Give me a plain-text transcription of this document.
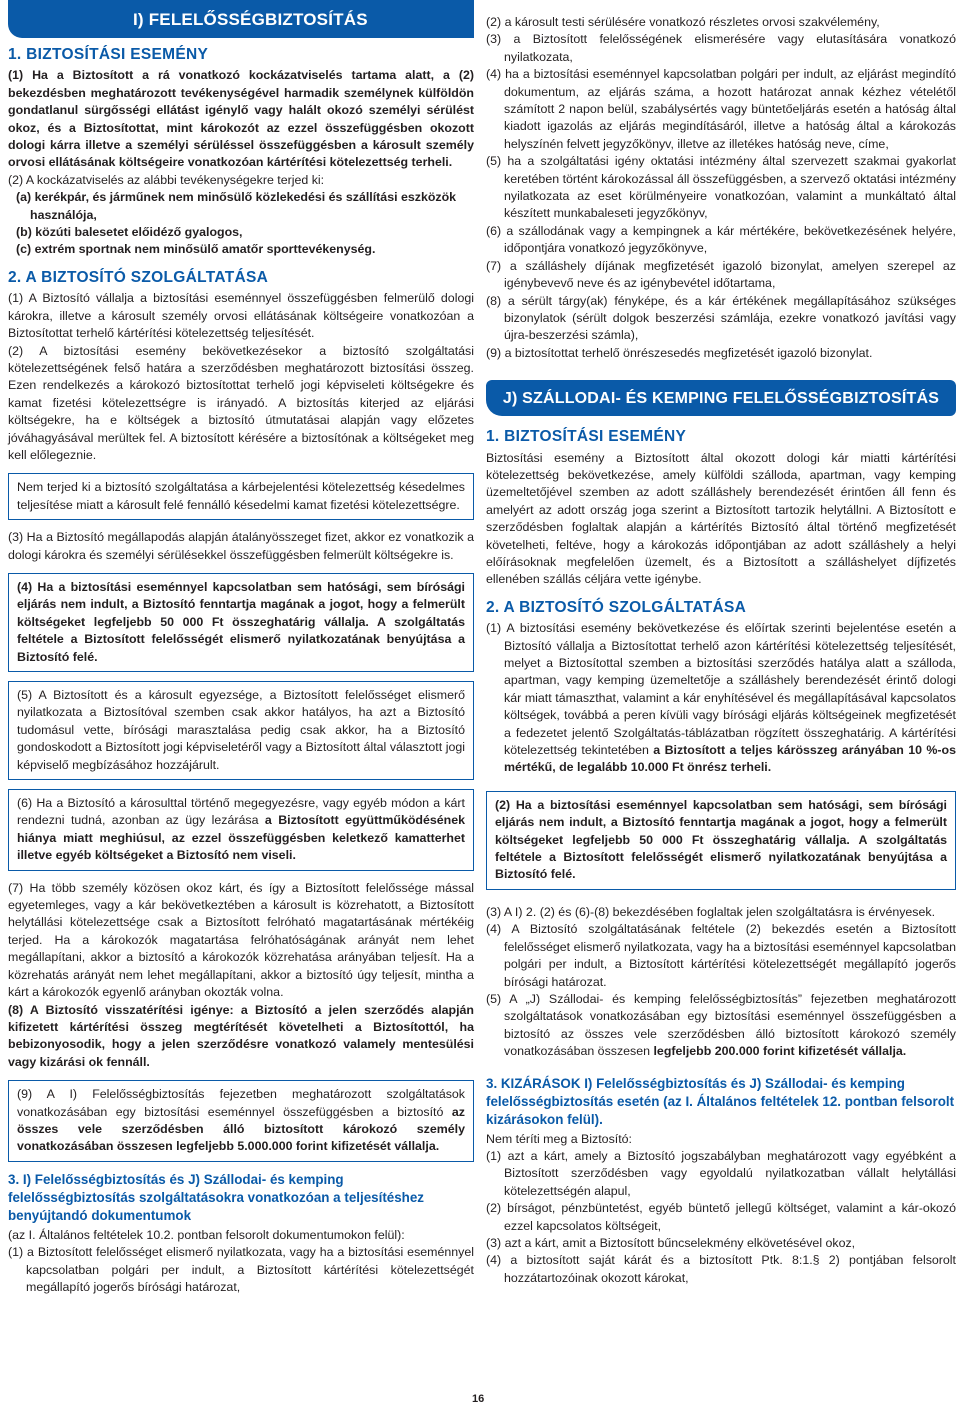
I) FELELŐSSÉGBIZTOSÍTÁS
1. BIZTOSÍTÁSI ESEMÉNY

(1) Ha a Biztosított a rá vonatkozó kockázatviselés tartama alatt, a (2) bekezdésben meghatározott tevékenységével harmadik személynek külföldön gondatlanul sürgősségi ellátást igénylő vagy halált okozó személyi sérülést okoz, és a Biztosítottat, mint károkozót az ezzel összefüggésben okozott dologi kárra illetve a személyi sérüléssel összefüggésben a károsult személy orvosi ellátásának költségeire vonatkozóan kártérítési kötelezettség terheli.

(2) A kockázatviselés az alábbi tevékenységekre terjed ki:

(a) kerékpár, és járműnek nem minősülő közlekedési és szállítási eszközök használója,
(b) közúti balesetet előidéző gyalogos,
(c) extrém sportnak nem minősülő amatőr sporttevékenység.
2. A BIZTOSÍTÓ SZOLGÁLTATÁSA

(1) A Biztosító vállalja a biztosítási eseménnyel összefüggésben felmerülő dologi károkra, illetve a károsult személy orvosi ellátásának költségeire vonatkozóan a Biztosítottat terhelő kártérítési kötelezettség teljesítését.

(2) A biztosítási esemény bekövetkezésekor a biztosító szolgáltatási kötelezettségének felső határa a szerződésben meghatározott biztosítási összeg. Ezen rendelkezés a károkozó biztosítottat terhelő jogi képviseleti költségekre és kamat fizetési kötelezettségre is irányadó. A biztosítás kiterjed az eljárási költségekre, ha e költségek a biztosító útmutatásai alapján vagy előzetes jóváhagyásával merültek fel. A biztosított kérésére a biztosítónak a költségeket meg kell előlegeznie.

Nem terjed ki a biztosító szolgáltatása a kárbejelentési kötelezettség késedelmes teljesítése miatt a károsult felé fennálló késedelmi kamat fizetési kötelezettségre.

(3) Ha a Biztosító megállapodás alapján átalányösszeget fizet, akkor ez vonatkozik a dologi károkra és személyi sérülésekkel összefüggésben felmerült költségekre is.

(4) Ha a biztosítási eseménnyel kapcsolatban sem hatósági, sem bírósági eljárás nem indult, a Biztosító fenntartja magának a jogot, hogy a felmerült költségeket legfeljebb 50 000 Ft összeghatárig vállalja. A szolgáltatás feltétele a Biztosított felelősségét elismerő nyilatkozatának benyújtása a Biztosító felé.
(5) A Biztosított és a károsult egyezsége, a Biztosított felelősséget elismerő nyilatkozata a Biztosítóval szemben csak akkor hatályos, ha azt a Biztosító tudomásul vette, bírósági marasztalása pedig csak akkor, ha a Biztosító gondoskodott a Biztosított jogi képviseletéről vagy a Biztosított által választott jogi képviselő megbízásához hozzájárult.
(6) Ha a Biztosító a károsulttal történő megegyezésre, vagy egyéb módon a kárt rendezni tudná, azonban az ügy lezárása a Biztosított együttműködésének hiánya miatt meghiúsul, az ezzel összefüggésben keletkező kamatterhet illetve egyéb költségeket a Biztosító nem viseli.

(7) Ha több személy közösen okoz kárt, és így a Biztosított felelőssége mással egyetemleges, vagy a kár bekövetkeztében a károsult is közrehatott, a Biztosított helytállási kötelezettsége csak a Biztosított felróható magatartásának mértékéig terjed. Ha a károkozók magatartása felróhatóságának arányát nem lehet megállapítani, akkor a biztosító a károkozók közrehatása arányában teljesít. Ha a közrehatás arányát nem lehet megállapítani, akkor a biztosító úgy teljesít, mintha a kárt a károkozók egyenlő arányban okozták volna.

(8) A Biztosító visszatérítési igénye: a Biztosító a jelen szerződés alapján kifizetett kártérítési összeg megtérítését követelheti a Biztosítottól, ha bebizonyosodik, hogy a jelen szerződésre vonatkozó valamely mentesülési vagy kizárási ok fennáll.

(9) A I) Felelősségbiztosítás fejezetben meghatározott szolgáltatások vonatkozásában egy biztosítási eseménnyel összefüggésben a biztosító az összes vele szerződésben álló biztosított károkozó személy vonatkozásában összesen legfeljebb 5.000.000 forint kifizetését vállalja.
3. I) Felelősségbiztosítás és J) Szállodai- és kemping felelősségbiztosítás szolgáltatásokra vonatkozóan a teljesítéshez benyújtandó dokumentumok

(az I. Általános feltételek 10.2. pontban felsorolt dokumentumokon felül):

(1) a Biztosított felelősséget elismerő nyilatkozata, vagy ha a biztosítási eseménnyel kapcsolatban polgári per indult, a Biztosított kártérítési kötelezettségét megállapító jogerős bírósági határozat,

(2) a károsult testi sérülésére vonatkozó részletes orvosi szakvélemény,

(3) a Biztosított felelősségének elismerésére vagy elutasítására vonatkozó nyilatkozata,

(4) ha a biztosítási eseménnyel kapcsolatban polgári per indult, az eljárást megindító dokumentum, az eljárás száma, a hozott határozat annak kézhez vételétől számított 2 napon belül, szabálysértés vagy büntetőeljárás esetén a hatóság által kiadott igazolás az eljárás megindításáról, illetve a hatóság által a károkozás helyszínén felvett jegyzőkönyv, illetve az illetékes hatóság neve, címe,

(5) ha a szolgáltatási igény oktatási intézmény által szervezett szakmai gyakorlat keretében történt károkozással áll összefüggésben, a szervező oktatási intézmény nyilatkozata az eset körülményeire vonatkozóan, valamint a munkáltató által készített munkabaleseti jegyzőkönyv,

(6) a szállodának vagy a kempingnek a kár mértékére, bekövetkezésének helyére, időpontjára vonatkozó jegyzőkönyve,

(7) a szálláshely díjának megfizetését igazoló bizonylat, amelyen szerepel az igénybevevő neve és az igénybevétel időtartama,

(8) a sérült tárgy(ak) fényképe, és a kár értékének megállapításához szükséges bizonylatok (sérült dolgok beszerzési számlája, ezekre vonatkozó javítási vagy újra-beszerzési számla),

(9) a biztosítottat terhelő önrészesedés megfizetését igazoló bizonylat.

J) SZÁLLODAI- ÉS KEMPING FELELŐSSÉGBIZTOSÍTÁS
1. BIZTOSÍTÁSI ESEMÉNY

Biztosítási esemény a Biztosított által okozott dologi kár miatti kártérítési kötelezettség bekövetkezése, amely külföldi szálloda, apartman, vagy kemping üzemeltetőjével szemben az adott szálláshely berendezését érintően áll fenn és amelyért az adott ország joga szerint a Biztosított tartozik helytállni. A Biztosított e szerződésben foglaltak alapján a kártérítés Biztosító által történő megfizetését követelheti, feltéve, hogy a károkozás időpontjában az adott szálláshely a helyi előírásoknak megfelelően üzemelt, és a Biztosított a szálláshelyet díjfizetés ellenében szállás céljára vette igénybe.

2. A BIZTOSÍTÓ SZOLGÁLTATÁSA

(1) A biztosítási esemény bekövetkezése és előírtak szerinti bejelentése esetén a Biztosító vállalja a Biztosítottat terhelő azon kártérítési kötelezettség teljesítését, melyet a Biztosítottal szemben a biztosítási szerződés hatálya alatt a szálloda, apartman, vagy kemping üzemeltetője a szálláshely berendezését érintő dologi kár miatt támaszthat, valamint a kár enyhítésével és megállapításával kapcsolatos költségek, továbbá a peren kívüli vagy bírósági eljárás költségeinek megfizetését a fedezetet jelentő Szolgáltatás-táblázatban rögzített összeghatárig. A kártérítési kötelezettség tekintetében a Biztosított a teljes kárösszeg arányában 10 %-os mértékű, de legalább 10.000 Ft önrész terheli.

(2) Ha a biztosítási eseménnyel kapcsolatban sem hatósági, sem bírósági eljárás nem indult, a Biztosító fenntartja magának a jogot, hogy a felmerült költségeket legfeljebb 50 000 Ft összeghatárig vállalja. A szolgáltatás feltétele a Biztosított felelősségét elismerő nyilatkozatának benyújtása a Biztosító felé.

(3) A I) 2. (2) és (6)-(8) bekezdésében foglaltak jelen szolgáltatásra is érvényesek.

(4) A Biztosító szolgáltatásának feltétele (2) bekezdés esetén a Biztosított felelősséget elismerő nyilatkozata, vagy ha a biztosítási eseménnyel kapcsolatban polgári per indult, a Biztosított kártérítési kötelezettségét megállapító jogerős bírósági határozat.

(5) A „J) Szállodai- és kemping felelősségbiztosítás” fejezetben meghatározott szolgáltatások vonatkozásában egy biztosítási eseménnyel összefüggésben a biztosító az összes vele szerződésben álló biztosított károkozó személy vonatkozásában összesen legfeljebb 200.000 forint kifizetését vállalja.

3. KIZÁRÁSOK I) Felelősségbiztosítás és J) Szállodai- és kemping felelősségbiztosítás esetén (az I. Általános feltételek 12. pontban felsorolt kizárásokon felül).

Nem téríti meg a Biztosító:

(1) azt a kárt, amely a Biztosító jogszabályban meghatározott vagy egyébként a Biztosított szerződésben vagy egyoldalú nyilatkozatban vállalt helytállási kötelezettségén alapul,

(2) bírságot, pénzbüntetést, egyéb büntető jellegű költséget, valamint a kár-okozó ezzel kapcsolatos költségeit,

(3) azt a kárt, amit a Biztosított bűncselekmény elkövetésével okoz,

(4) a biztosított saját kárát és a biztosított Ptk. 8:1.§ 2) pontjában felsorolt hozzátartozóinak okozott károkat,

16
